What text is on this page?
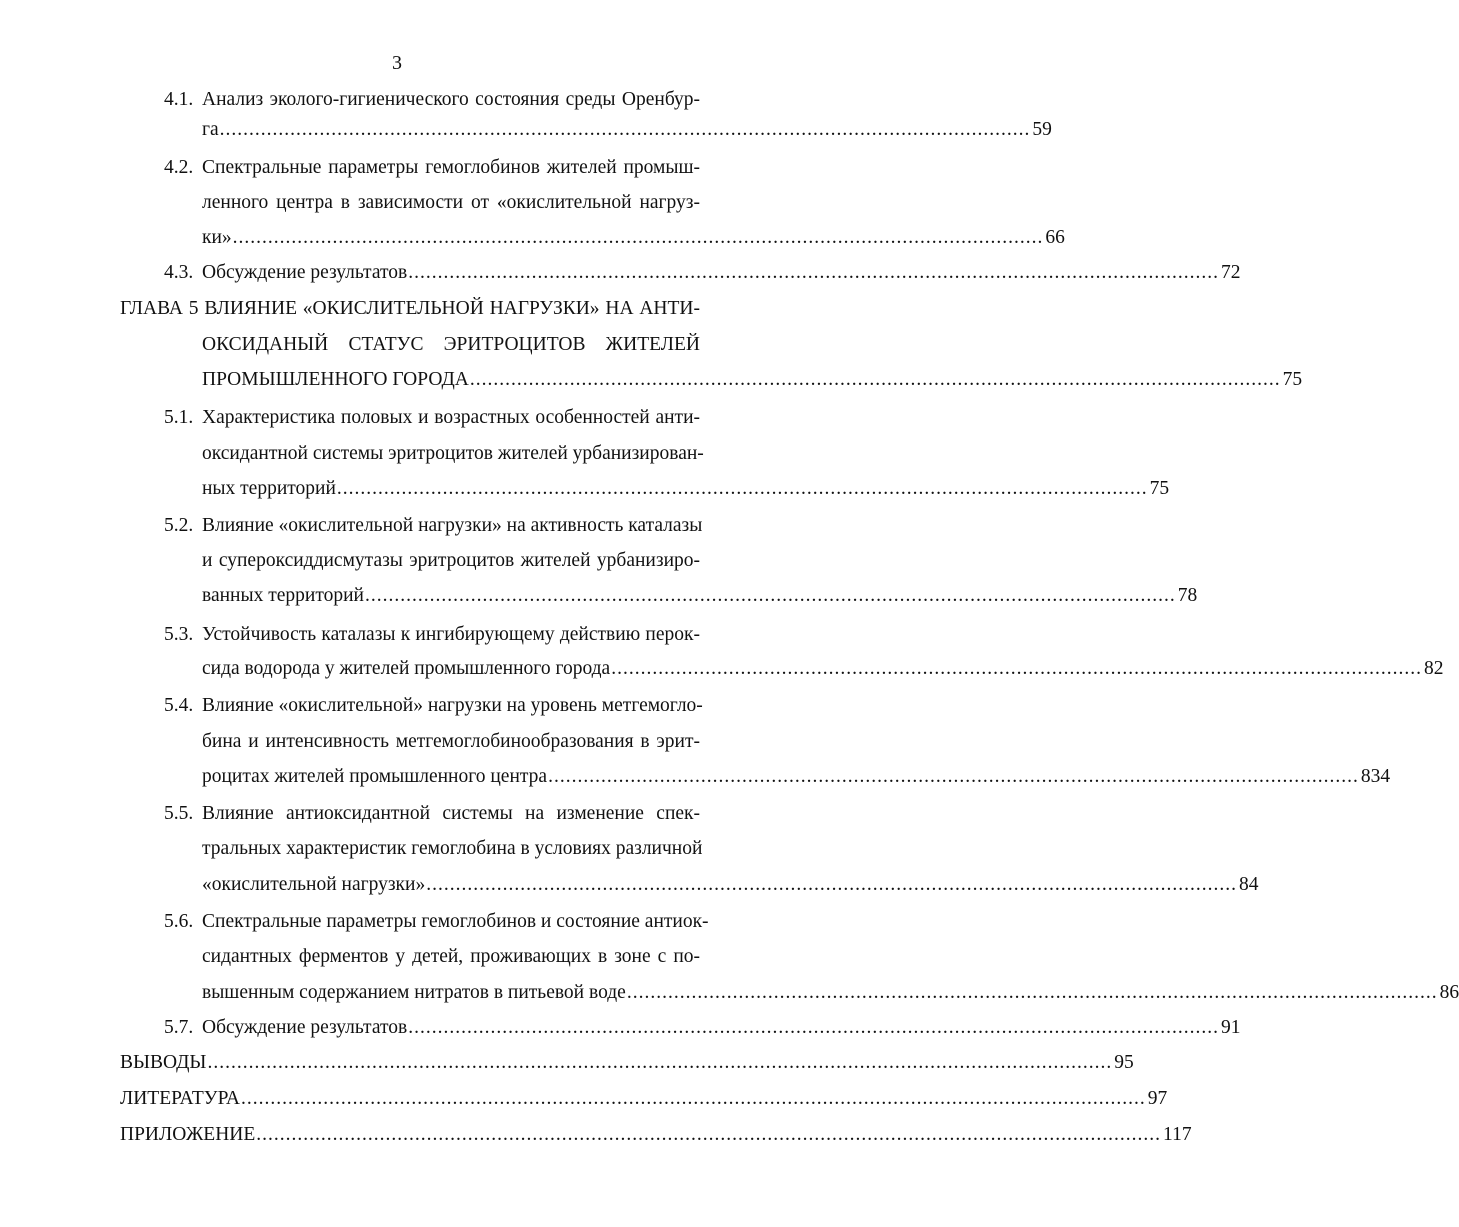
3
4.1. Анализ эколого-гигиенического состояния среды Оренбур-
га .......................................................................................................................................... 59
4.2. Спектральные параметры гемоглобинов жителей промыш-
ленного центра в зависимости от «окислительной нагруз-
ки» .......................................................................................................................................... 66
4.3. Обсуждение результатов .......................................................................................................................................... 72
ГЛАВА 5 ВЛИЯНИЕ «ОКИСЛИТЕЛЬНОЙ НАГРУЗКИ» НА АНТИ-
ОКСИДАНЫЙ СТАТУС ЭРИТРОЦИТОВ ЖИТЕЛЕЙ
ПРОМЫШЛЕННОГО ГОРОДА .......................................................................................................................................... 75
5.1. Характеристика половых и возрастных особенностей анти-
оксидантной системы эритроцитов жителей урбанизирован-
ных территорий .......................................................................................................................................... 75
5.2. Влияние «окислительной нагрузки» на активность каталазы
и супероксиддисмутазы эритроцитов жителей урбанизиро-
ванных территорий .......................................................................................................................................... 78
5.3. Устойчивость каталазы к ингибирующему действию перок-
сида водорода у жителей промышленного города .......................................................................................................................................... 82
5.4. Влияние «окислительной» нагрузки на уровень метгемогло-
бина и интенсивность метгемоглобинообразования в эрит-
роцитах жителей промышленного центра .......................................................................................................................................... 834
5.5. Влияние антиоксидантной системы на изменение спек-
тральных характеристик гемоглобина в условиях различной
«окислительной нагрузки» .......................................................................................................................................... 84
5.6. Спектральные параметры гемоглобинов и состояние антиок-
сидантных ферментов у детей, проживающих в зоне с по-
вышенным содержанием нитратов в питьевой воде .......................................................................................................................................... 86
5.7. Обсуждение результатов .......................................................................................................................................... 91
ВЫВОДЫ .......................................................................................................................................................... 95
ЛИТЕРАТУРА .......................................................................................................................................................... 97
ПРИЛОЖЕНИЕ .......................................................................................................................................................... 117
